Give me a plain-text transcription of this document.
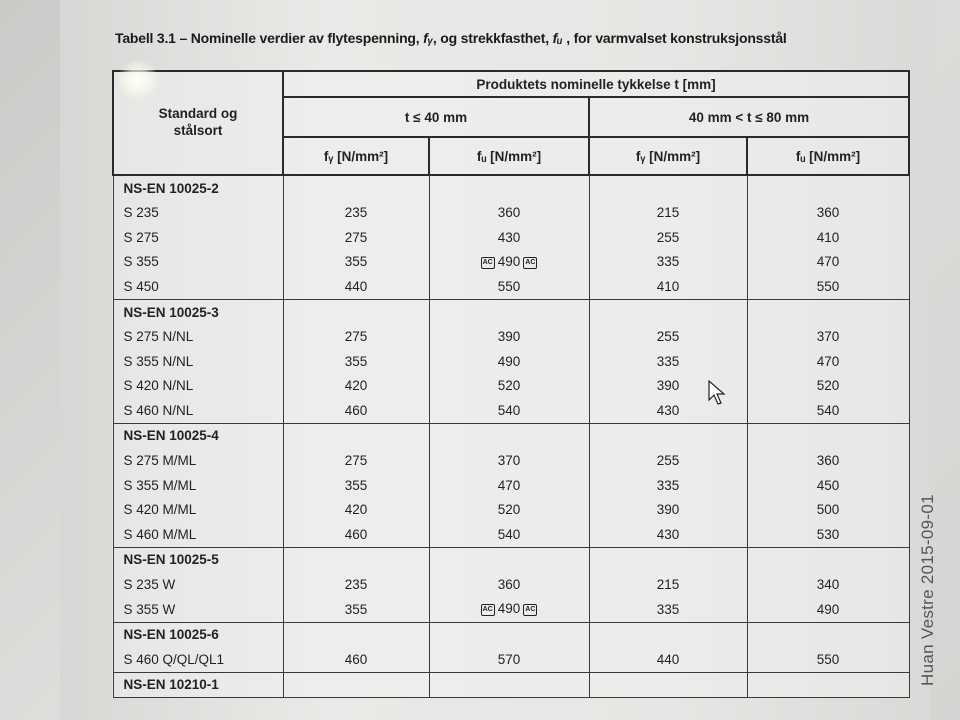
Tabell 3.1 – Nominelle verdier av flytespenning, fᵧ, og strekkfasthet, fᵤ , for varmvalset konstruksjonsstål
Standard og
stålsort	Produktets nominelle tykkelse t [mm]			
	t ≤ 40 mm		40 mm < t ≤ 80 mm	
	fᵧ [N/mm²]	fᵤ [N/mm²]	fᵧ [N/mm²]	fᵤ [N/mm²]
NS-EN 10025-2				
S 235	235	360	215	360
S 275	275	430	255	410
S 355	355	AC 490 AC	335	470
S 450	440	550	410	550
NS-EN 10025-3				
S 275 N/NL	275	390	255	370
S 355 N/NL	355	490	335	470
S 420 N/NL	420	520	390	520
S 460 N/NL	460	540	430	540
NS-EN 10025-4				
S 275 M/ML	275	370	255	360
S 355 M/ML	355	470	335	450
S 420 M/ML	420	520	390	500
S 460 M/ML	460	540	430	530
NS-EN 10025-5				
S 235 W	235	360	215	340
S 355 W	355	AC 490 AC	335	490
NS-EN 10025-6				
S 460 Q/QL/QL1	460	570	440	550
NS-EN 10210-1					Huan Vestre 2015-09-01
